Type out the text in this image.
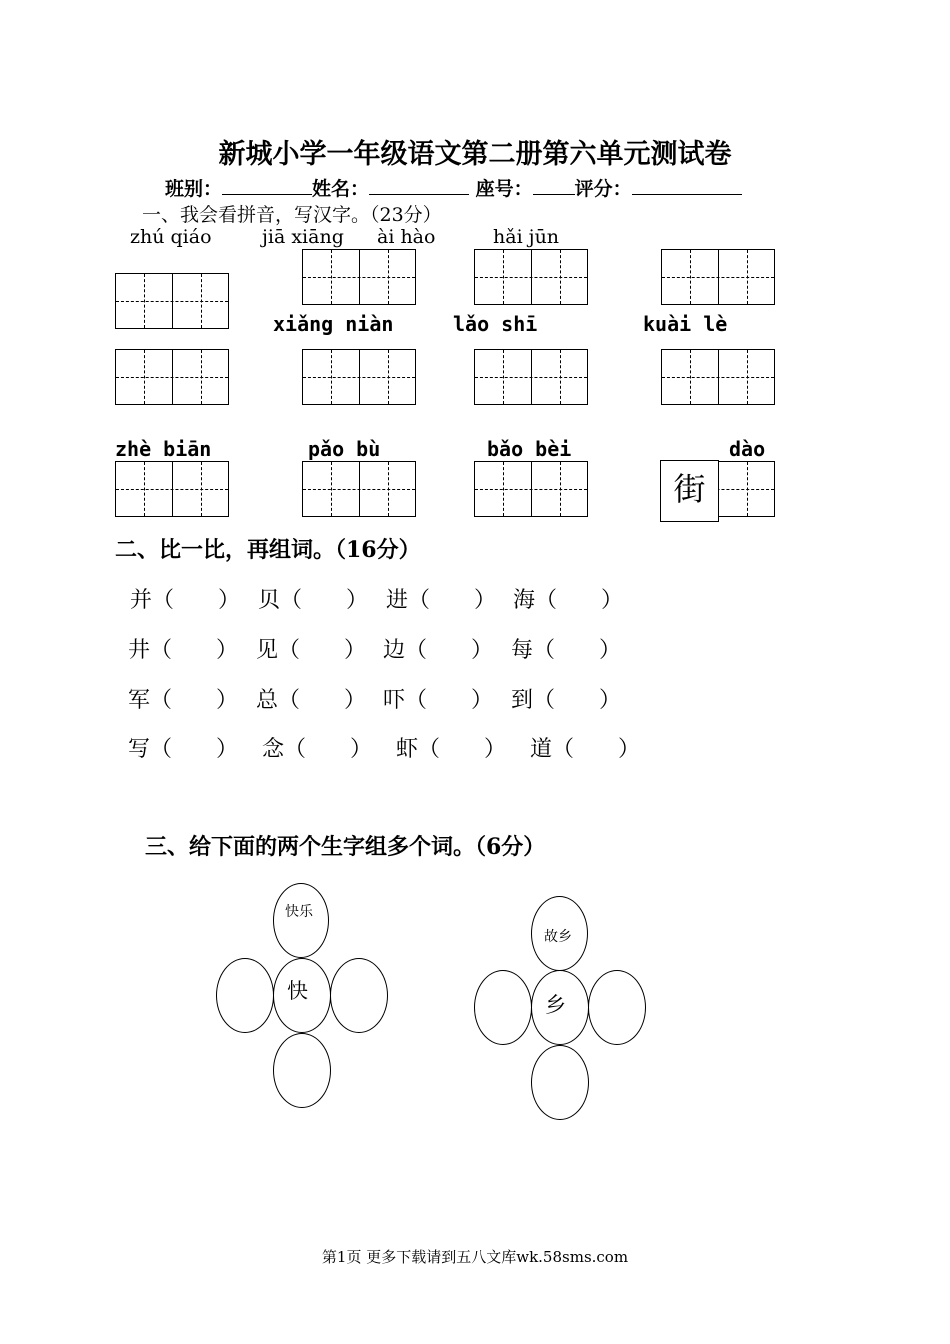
新城小学一年级语文第二册第六单元测试卷
班别：	姓名：	座号： 评分：
一、我会看拼音，写汉字。（23分）
zhú qiáo	jiā xiāng ài hào	hǎi jūn
xiǎng niàn	lǎo shī	kuài lè
zhè biān	pǎo bù	bǎo bèi	dào
街
二、比一比，再组词。（16分）
并（　　） 贝（　　） 进（　　） 海（　　）
井（　　） 见（　　） 边（　　） 每（　　）
军（　　） 总（　　） 吓（　　） 到（　　）
写（　　） 念（　　） 虾（　　） 道（　　）
三、给下面的两个生字组多个词。（6分）
快乐
快
故乡
乡
第1页 更多下载请到五八文库wk.58sms.com
